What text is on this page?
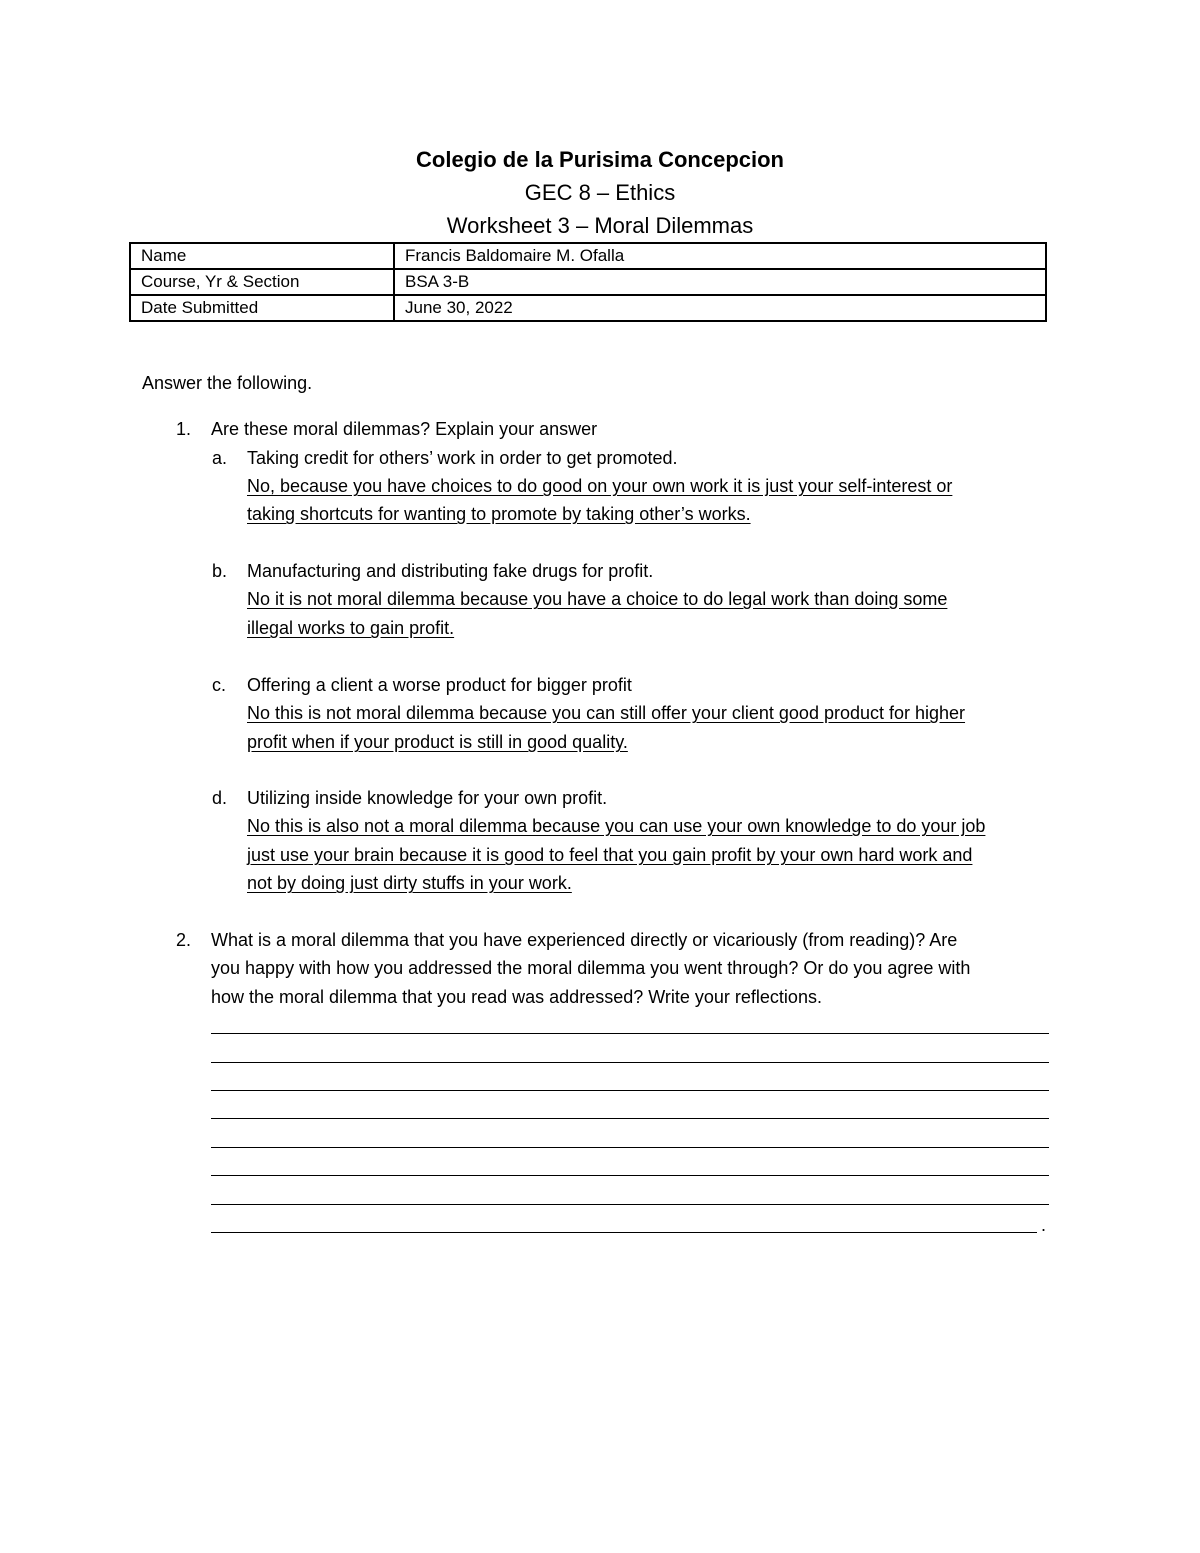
Colegio de la Purisima Concepcion
GEC 8 – Ethics
Worksheet 3 – Moral Dilemmas
Name	Francis Baldomaire M. Ofalla
Course, Yr & Section	BSA 3-B
Date Submitted	June 30, 2022
Answer the following.
1. Are these moral dilemmas? Explain your answer
a. Taking credit for others’ work in order to get promoted.
No, because you have choices to do good on your own work it is just your self-interest or
taking shortcuts for wanting to promote by taking other’s works.
b. Manufacturing and distributing fake drugs for profit.
No it is not moral dilemma because you have a choice to do legal work than doing some
illegal works to gain profit.
c. Offering a client a worse product for bigger profit
No this is not moral dilemma because you can still offer your client good product for higher
profit when if your product is still in good quality.
d. Utilizing inside knowledge for your own profit.
No this is also not a moral dilemma because you can use your own knowledge to do your job
just use your brain because it is good to feel that you gain profit by your own hard work and
not by doing just dirty stuffs in your work.
2. What is a moral dilemma that you have experienced directly or vicariously (from reading)? Are
you happy with how you addressed the moral dilemma you went through? Or do you agree with
how the moral dilemma that you read was addressed? Write your reflections.
.
